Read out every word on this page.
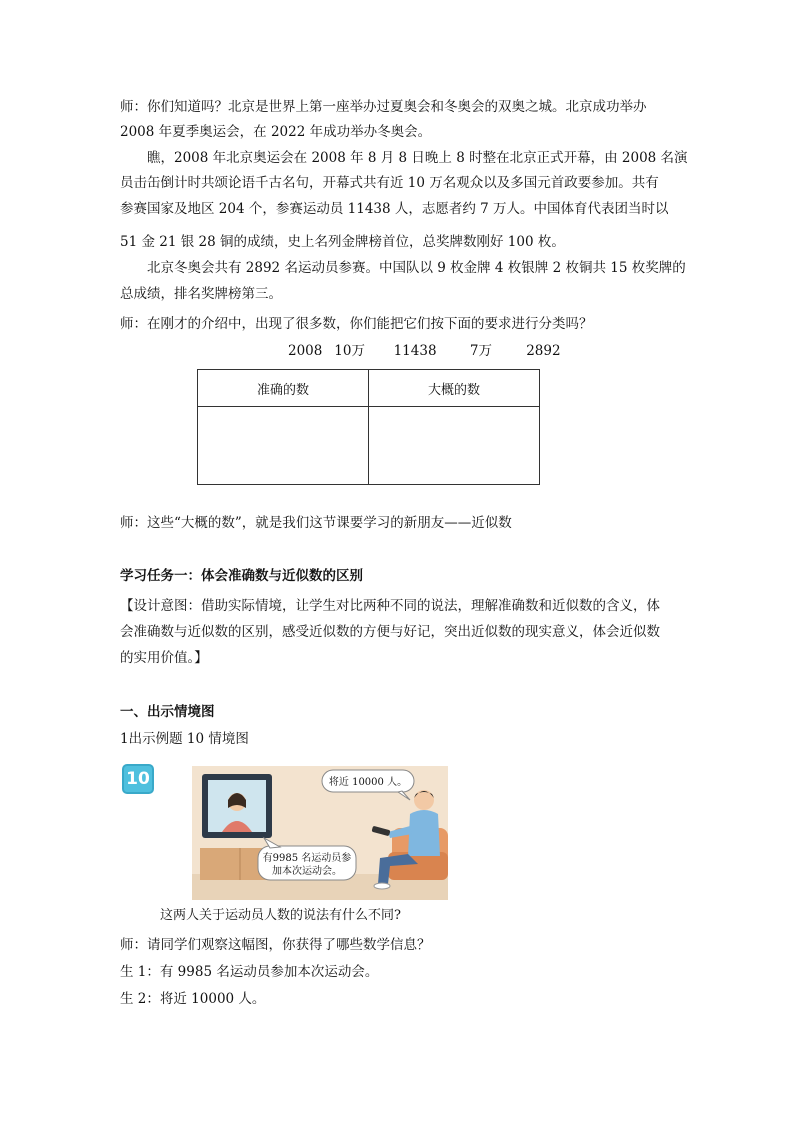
师：你们知道吗？北京是世界上第一座举办过夏奥会和冬奥会的双奥之城。北京成功举办
2008 年夏季奥运会，在 2022 年成功举办冬奥会。
瞧，2008 年北京奥运会在 2008 年 8 月 8 日晚上 8 时整在北京正式开幕，由 2008 名演
员击缶倒计时共颂论语千古名句，开幕式共有近 10 万名观众以及多国元首政要参加。共有
参赛国家及地区 204 个，参赛运动员 11438 人，志愿者约 7 万人。中国体育代表团当时以
51 金 21 银 28 铜的成绩，史上名列金牌榜首位，总奖牌数刚好 100 枚。
北京冬奥会共有 2892 名运动员参赛。中国队以 9 枚金牌 4 枚银牌 2 枚铜共 15 枚奖牌的
总成绩，排名奖牌榜第三。
师：在刚才的介绍中，出现了很多数，你们能把它们按下面的要求进行分类吗？
2008 10万 11438 7万	2892
准确的数	大概的数

师：这些“大概的数”，就是我们这节课要学习的新朋友——近似数
学习任务一：体会准确数与近似数的区别
【设计意图：借助实际情境，让学生对比两种不同的说法，理解准确数和近似数的含义，体
会准确数与近似数的区别，感受近似数的方便与好记，突出近似数的现实意义，体会近似数
的实用价值。】
一、出示情境图
1出示例题 10 情境图
10	将近 10000 人。
有9985 名运动员参
加本次运动会。
这两人关于运动员人数的说法有什么不同?
师：请同学们观察这幅图，你获得了哪些数学信息？
生 1：有 9985 名运动员参加本次运动会。
生 2：将近 10000 人。
